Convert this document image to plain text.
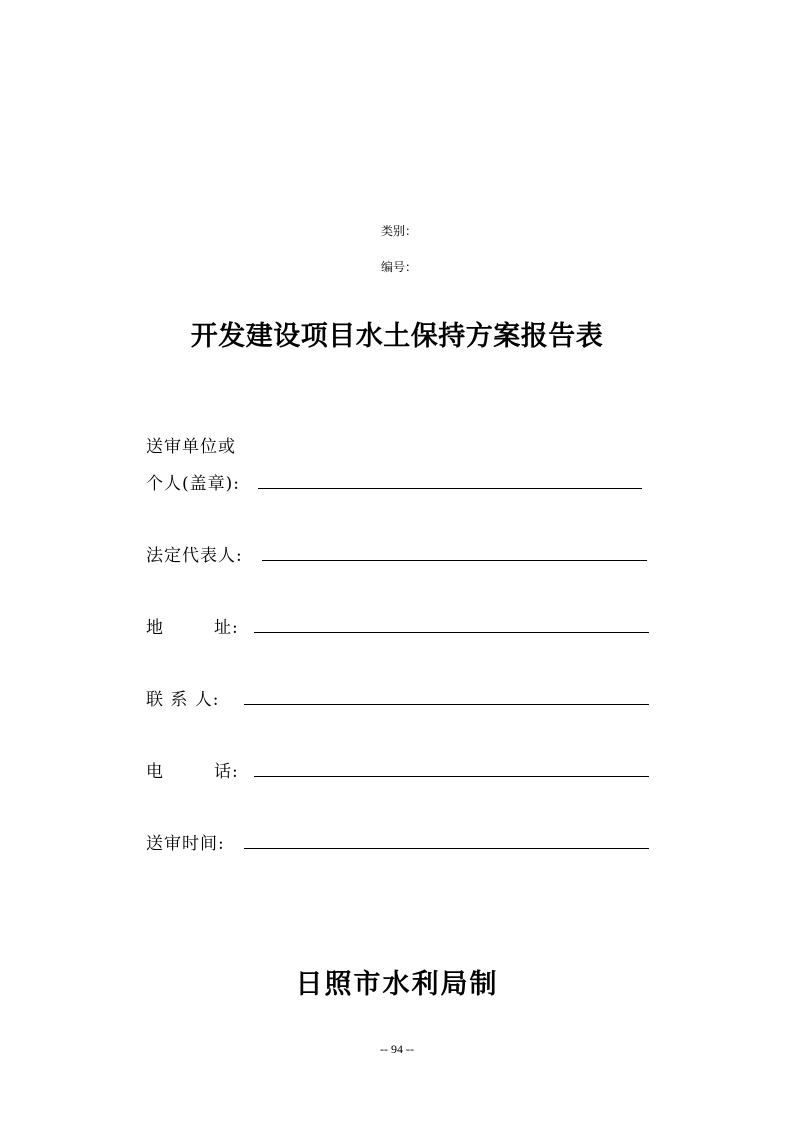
类别：
编号：
开发建设项目水土保持方案报告表
送审单位或
个人(盖章):
法定代表人:
地	址:
联 系 人:
电	话:
送审时间:
日照市水利局制
-- 94 --
